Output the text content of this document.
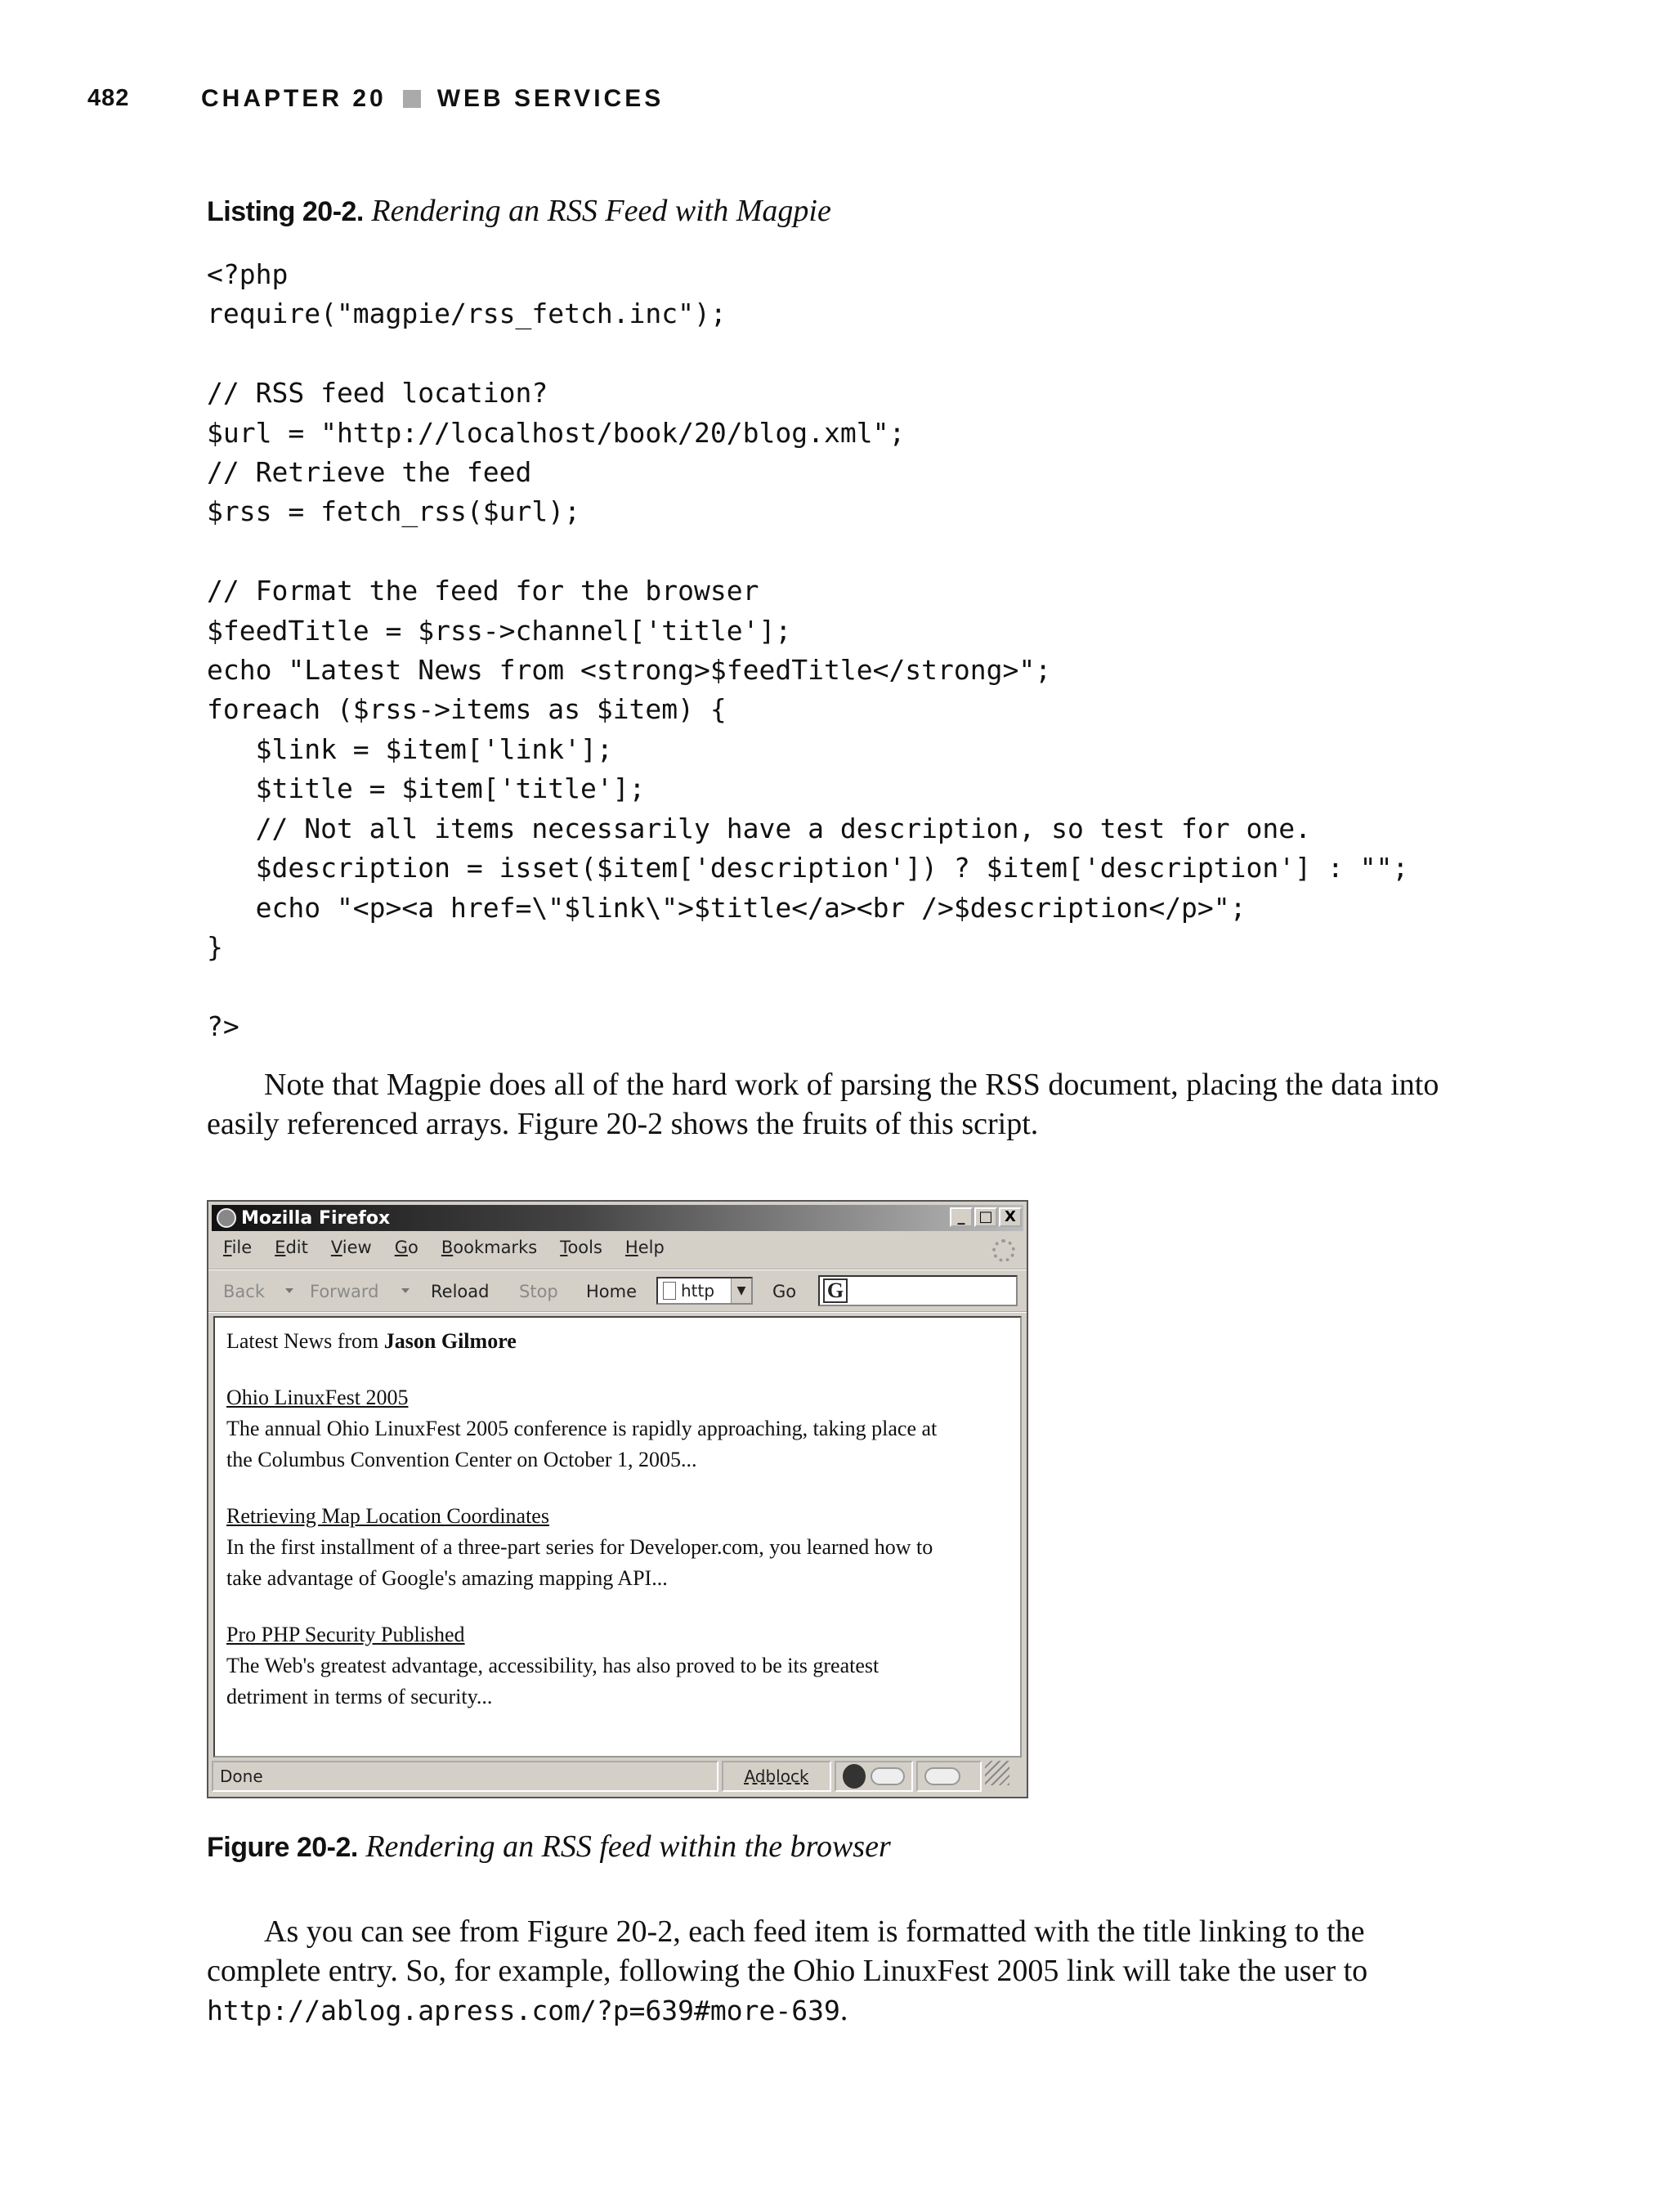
482	CHAPTER 20 WEB SERVICES
Listing 20-2. Rendering an RSS Feed with Magpie
<?php
require("magpie/rss_fetch.inc");

// RSS feed location?
$url = "http://localhost/book/20/blog.xml";
// Retrieve the feed
$rss = fetch_rss($url);

// Format the feed for the browser
$feedTitle = $rss->channel['title'];
echo "Latest News from <strong>$feedTitle</strong>";
foreach ($rss->items as $item) {
$link = $item['link'];
$title = $item['title'];
// Not all items necessarily have a description, so test for one.
$description = isset($item['description']) ? $item['description'] : "";
echo "<p><a href=\"$link\">$title</a><br />$description</p>";
}

?>

Note that Magpie does all of the hard work of parsing the RSS document, placing the data into easily referenced arrays. Figure 20-2 shows the fruits of this script.

Mozilla Firefox	_ □ X
File Edit View Go Bookmarks Tools Help
Back	Forward	Reload Stop Home	http	▼	Go G
Latest News from Jason Gilmore
Ohio LinuxFest 2005
The annual Ohio LinuxFest 2005 conference is rapidly approaching, taking place at
the Columbus Convention Center on October 1, 2005...
Retrieving Map Location Coordinates
In the first installment of a three-part series for Developer.com, you learned how to
take advantage of Google's amazing mapping API...
Pro PHP Security Published
The Web's greatest advantage, accessibility, has also proved to be its greatest
detriment in terms of security...
Done	Adblock
Figure 20-2. Rendering an RSS feed within the browser

As you can see from Figure 20-2, each feed item is formatted with the title linking to the complete entry. So, for example, following the Ohio LinuxFest 2005 link will take the user to http://ablog.apress.com/?p=639#more-639.
